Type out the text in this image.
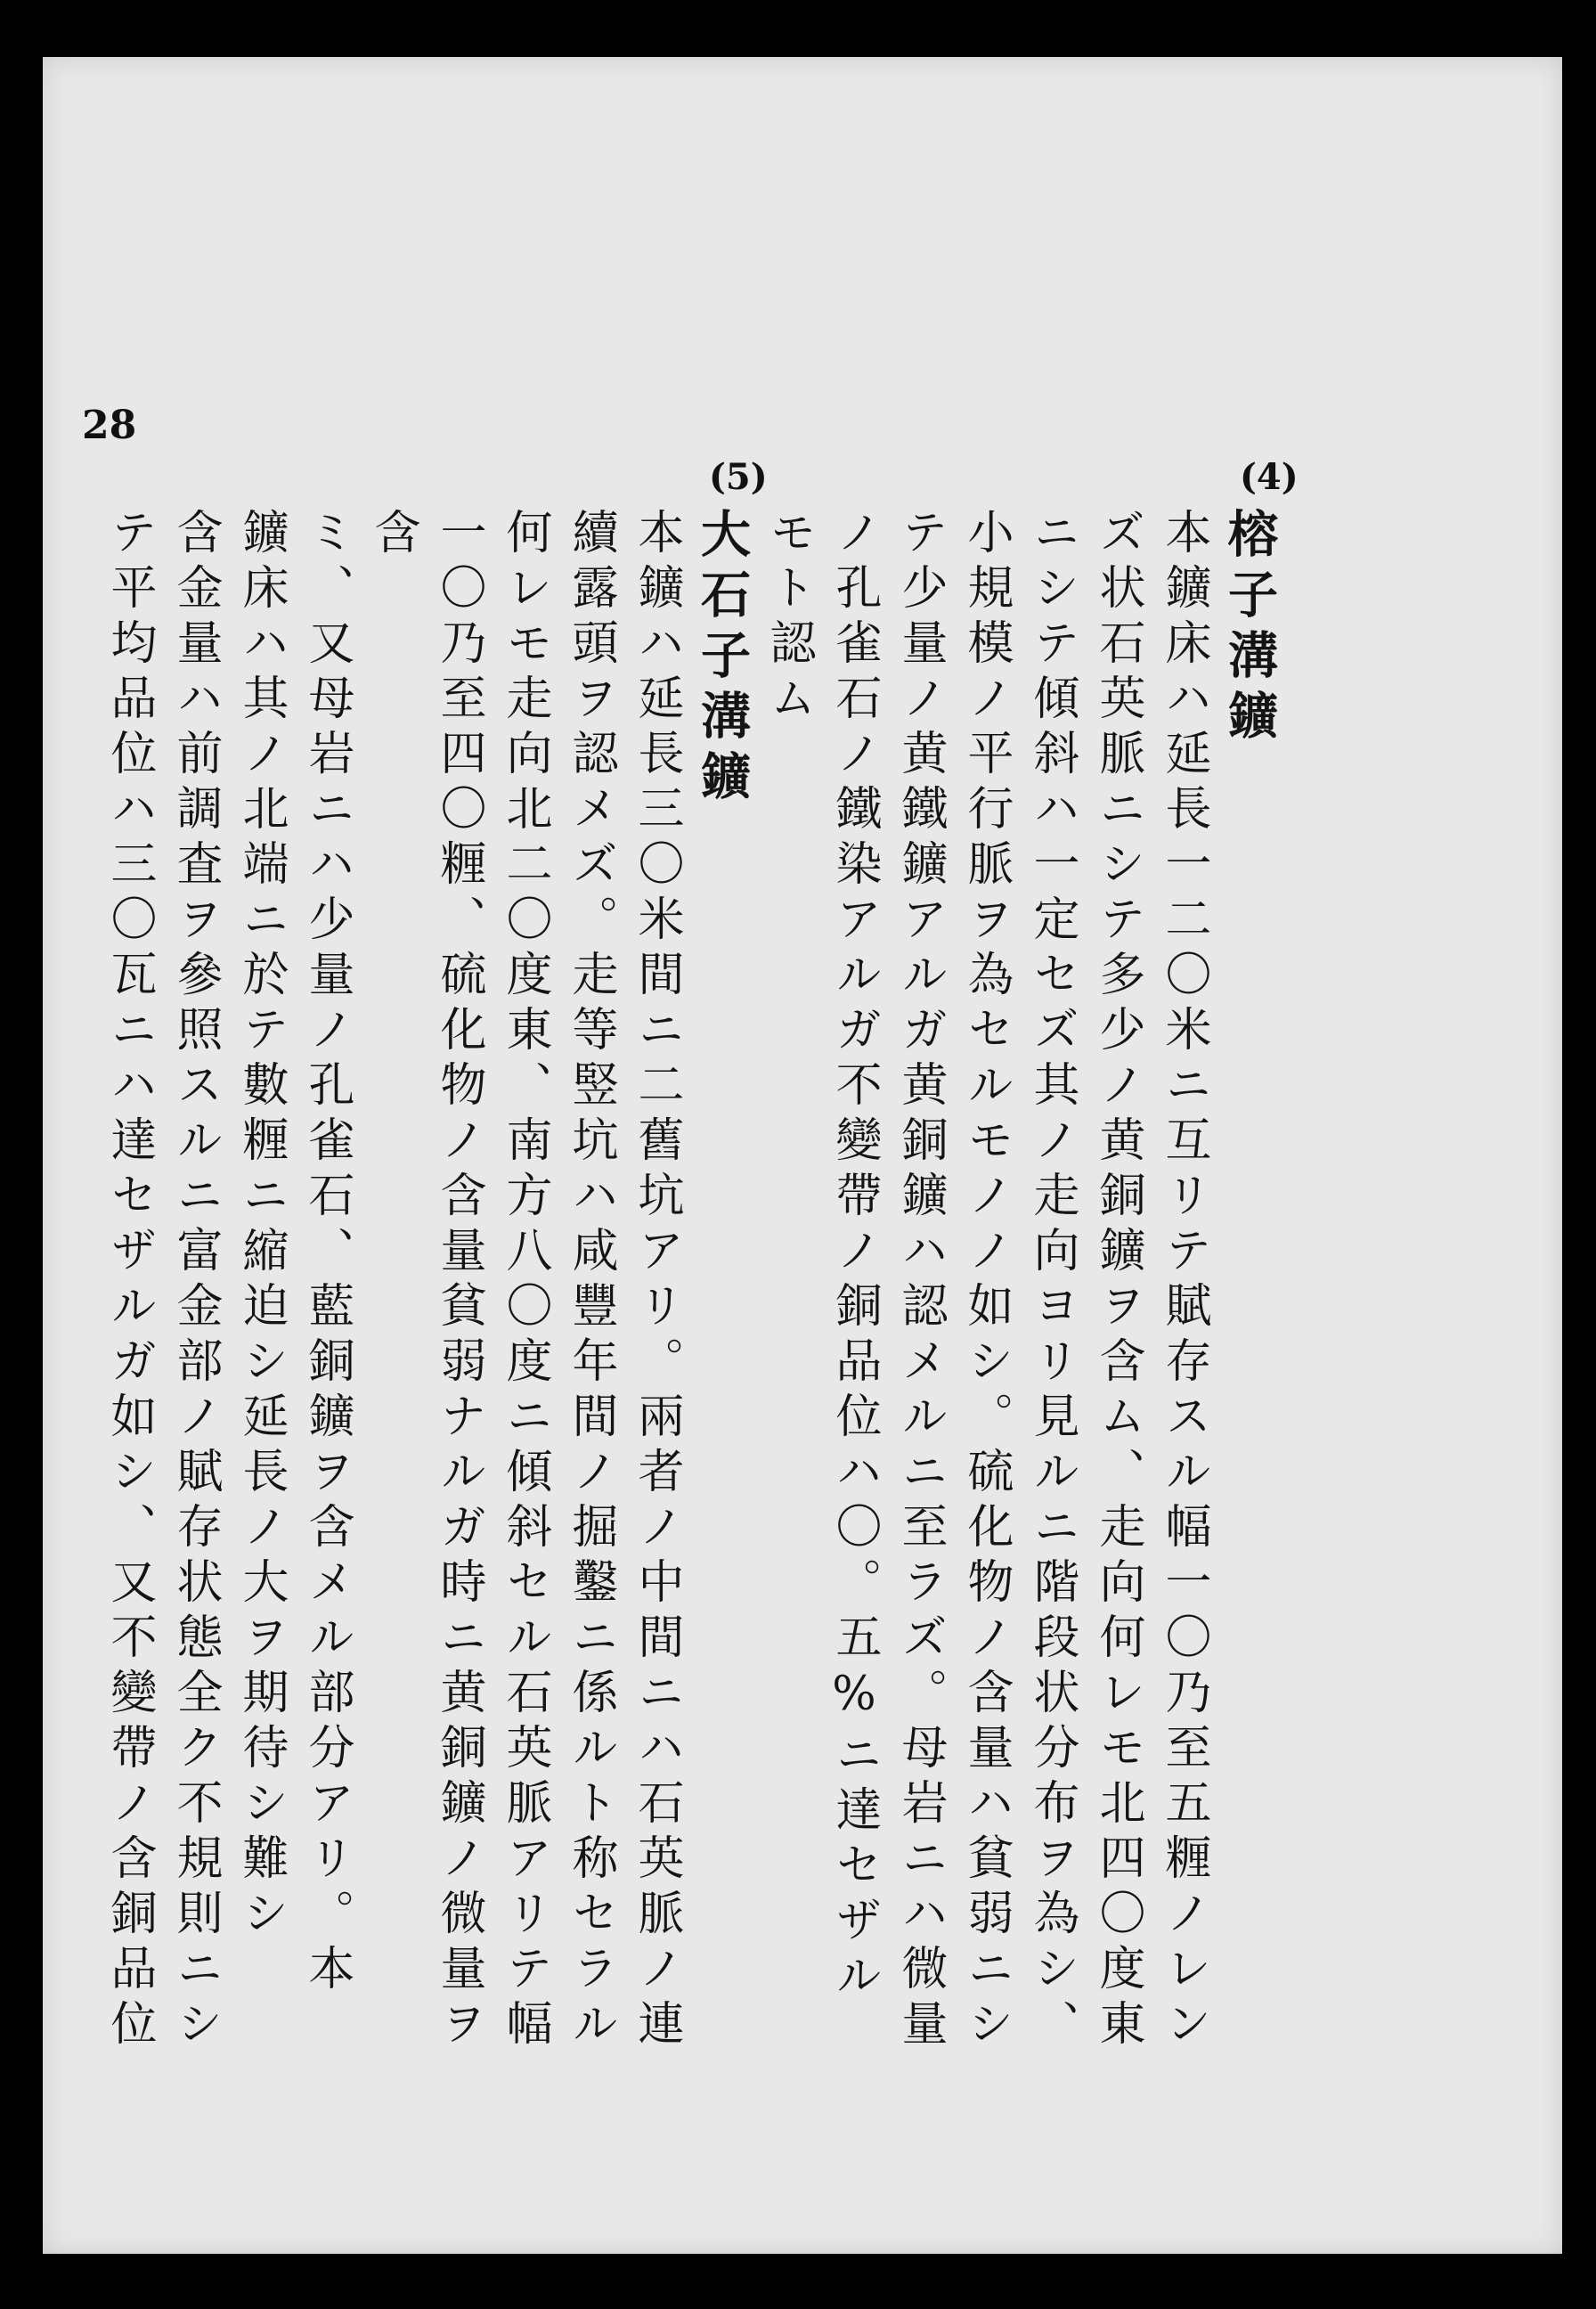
28
(4)
(5)
榕子溝鑛

本鑛床ハ延長一二〇米ニ互リテ賦存スル幅一〇乃至五糎ノレン

ズ状石英脈ニシテ多少ノ黄銅鑛ヲ含ム、走向何レモ北四〇度東

ニシテ傾斜ハ一定セズ其ノ走向ヨリ見ルニ階段状分布ヲ為シ、

小規模ノ平行脈ヲ為セルモノノ如シ。硫化物ノ含量ハ貧弱ニシ

テ少量ノ黄鐵鑛アルガ黄銅鑛ハ認メルニ至ラズ。母岩ニハ微量

ノ孔雀石ノ鐵染アルガ不變帶ノ銅品位ハ〇。五%ニ達セザル

モト認ム

大石子溝鑛

本鑛ハ延長三〇米間ニ二舊坑アリ。兩者ノ中間ニハ石英脈ノ連

續露頭ヲ認メズ。走等竪坑ハ咸豐年間ノ掘鑿ニ係ルト称セラル

何レモ走向北二〇度東、南方八〇度ニ傾斜セル石英脈アリテ幅

一〇乃至四〇糎、硫化物ノ含量貧弱ナルガ時ニ黄銅鑛ノ微量ヲ含

ミ、又母岩ニハ少量ノ孔雀石、藍銅鑛ヲ含メル部分アリ。本

鑛床ハ其ノ北端ニ於テ數糎ニ縮迫シ延長ノ大ヲ期待シ難シ

含金量ハ前調査ヲ參照スルニ富金部ノ賦存状態全ク不規則ニシ

テ平均品位ハ三〇瓦ニハ達セザルガ如シ、又不變帶ノ含銅品位
